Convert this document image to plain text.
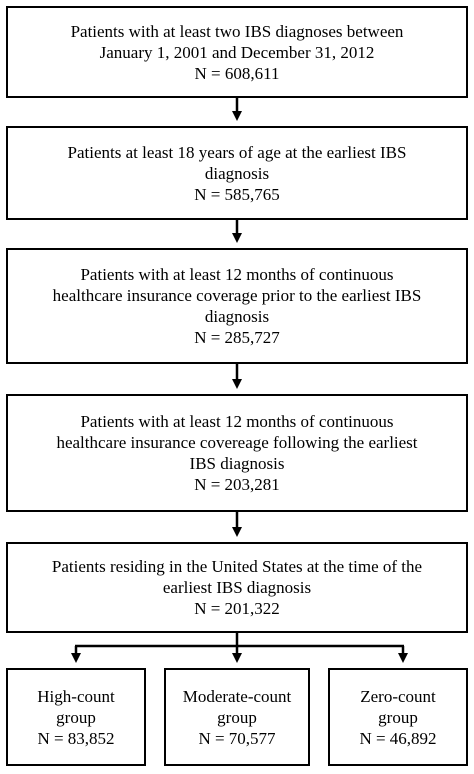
Patients with at least two IBS diagnoses between
January 1, 2001 and December 31, 2012
N = 608,611
Patients at least 18 years of age at the earliest IBS
diagnosis
N = 585,765
Patients with at least 12 months of continuous
healthcare insurance coverage prior to the earliest IBS
diagnosis
N = 285,727
Patients with at least 12 months of continuous
healthcare insurance covereage following the earliest
IBS diagnosis
N = 203,281
Patients residing in the United States at the time of the
earliest IBS diagnosis
N = 201,322
High-count
group
N = 83,852
Moderate-count
group
N = 70,577
Zero-count
group
N = 46,892
